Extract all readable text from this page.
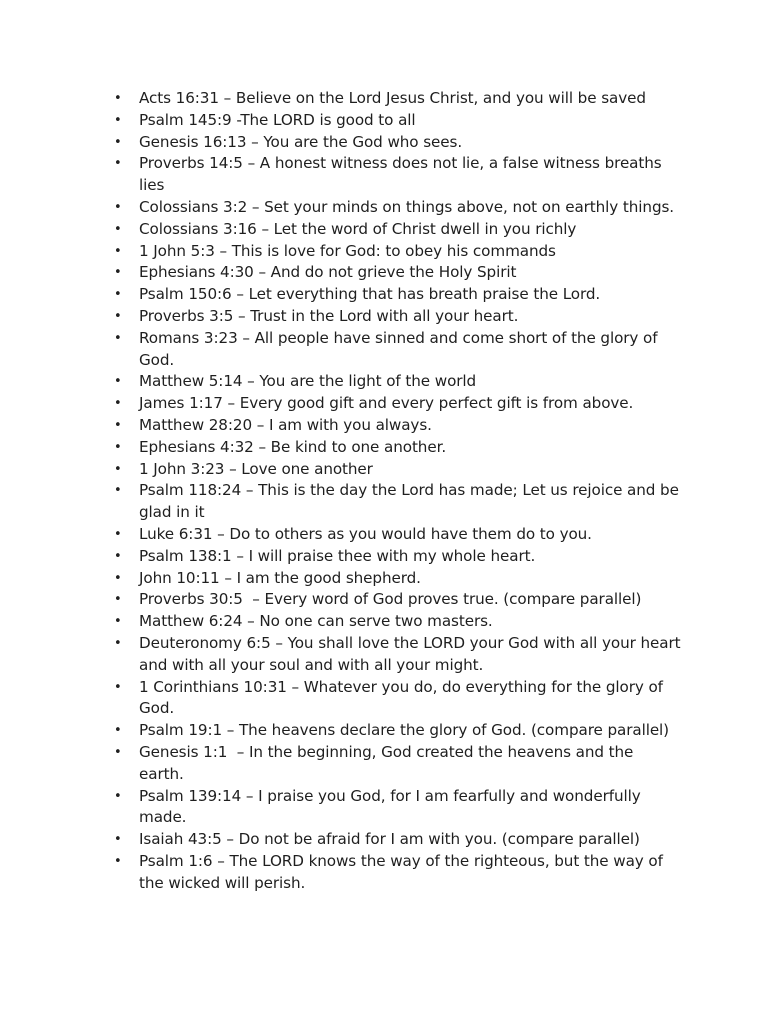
•	Acts 16:31 – Believe on the Lord Jesus Christ, and you will be saved
•	Psalm 145:9 -The LORD is good to all
•	Genesis 16:13 – You are the God who sees.
•	Proverbs 14:5 – A honest witness does not lie, a false witness breaths lies
•	Colossians 3:2 – Set your minds on things above, not on earthly things.
•	Colossians 3:16 – Let the word of Christ dwell in you richly
•	1 John 5:3 – This is love for God: to obey his commands
•	Ephesians 4:30 – And do not grieve the Holy Spirit
•	Psalm 150:6 – Let everything that has breath praise the Lord.
•	Proverbs 3:5 – Trust in the Lord with all your heart.
•	Romans 3:23 – All people have sinned and come short of the glory of God.
•	Matthew 5:14 – You are the light of the world
•	James 1:17 – Every good gift and every perfect gift is from above.
•	Matthew 28:20 – I am with you always.
•	Ephesians 4:32 – Be kind to one another.
•	1 John 3:23 – Love one another
•	Psalm 118:24 – This is the day the Lord has made; Let us rejoice and be glad in it
•	Luke 6:31 – Do to others as you would have them do to you.
•	Psalm 138:1 – I will praise thee with my whole heart.
•	John 10:11 – I am the good shepherd.
•	Proverbs 30:5  – Every word of God proves true. (compare parallel)
•	Matthew 6:24 – No one can serve two masters.
•	Deuteronomy 6:5 – You shall love the LORD your God with all your heart and with all your soul and with all your might.
•	1 Corinthians 10:31 – Whatever you do, do everything for the glory of God.
•	Psalm 19:1 – The heavens declare the glory of God. (compare parallel)
•	Genesis 1:1  – In the beginning, God created the heavens and the earth.
•	Psalm 139:14 – I praise you God, for I am fearfully and wonderfully made.
•	Isaiah 43:5 – Do not be afraid for I am with you. (compare parallel)
•	Psalm 1:6 – The LORD knows the way of the righteous, but the way of the wicked will perish.
